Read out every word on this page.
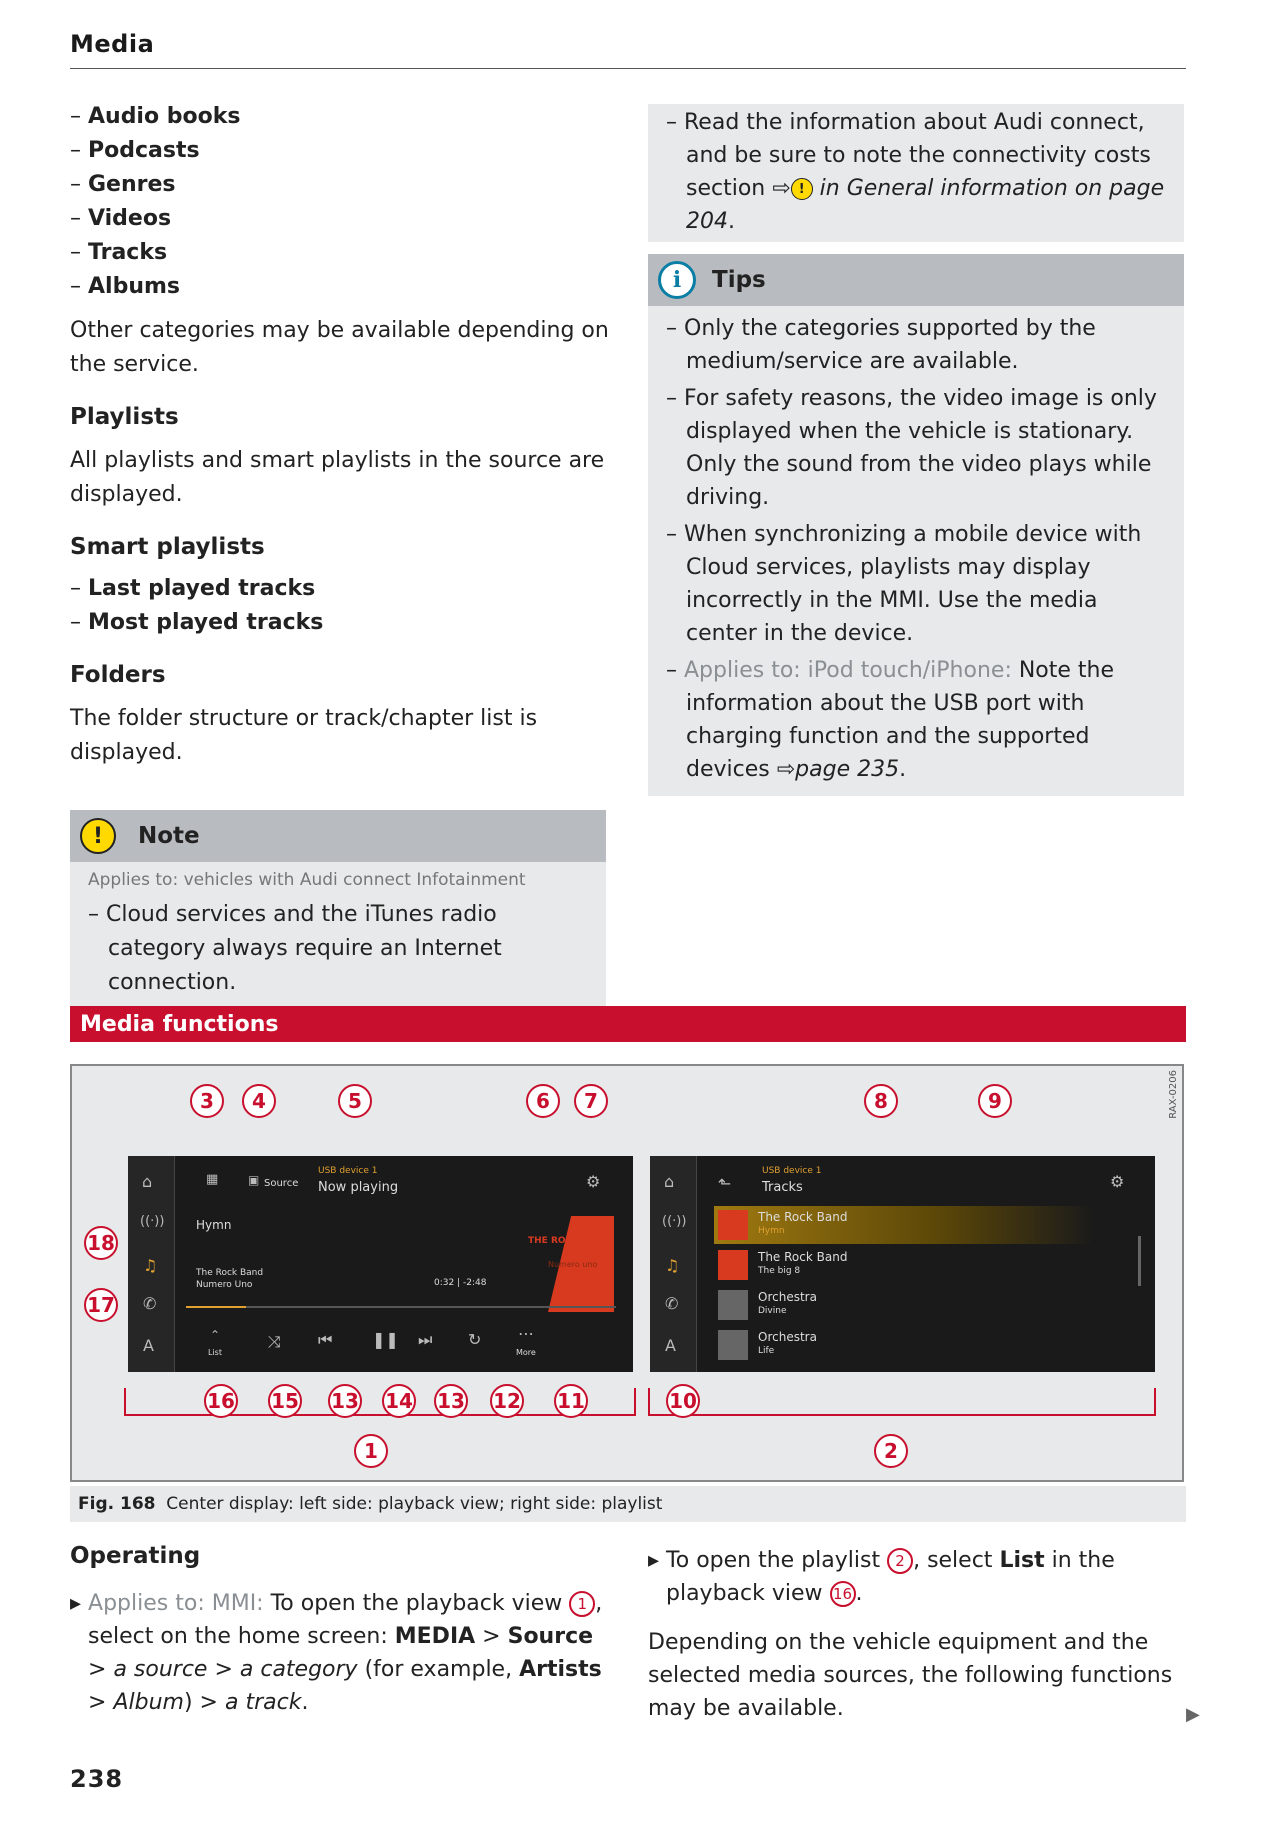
Media
– Audio books
– Podcasts
– Genres
– Videos
– Tracks
– Albums

Other categories may be available depending on the service.

Playlists

All playlists and smart playlists in the source are displayed.

Smart playlists
– Last played tracks
– Most played tracks
Folders

The folder structure or track/chapter list is displayed.

!	Note
Applies to: vehicles with Audi connect Infotainment
– Cloud services and the iTunes radio category always require an Internet connection.
– Read the information about Audi connect, and be sure to note the connectivity costs section ⇨ ! in General information on page 204.
i	Tips
– Only the categories supported by the medium/service are available.
– For safety reasons, the video image is only displayed when the vehicle is stationary. Only the sound from the video plays while driving.
– When synchronizing a mobile device with Cloud services, playlists may display incorrectly in the MMI. Use the media center in the device.
– Applies to: iPod touch/iPhone: Note the information about the USB port with charging function and the supported devices ⇨page 235.
Media functions
RAX-0206
⌂
((·))
♫
✆
A
▦ ▣ Source
USB device 1
Now playing	⚙
Hymn
The Rock Band
Numero Uno	0:32 | -2:48
THE ROCK BAND
Numero uno
⌃
List
⤨ ⏮ ❚❚ ⏭ ↻ ⋯
More
⌂
((·))
♫
✆
A
⬑
USB device 1
Tracks	⚙
The Rock Band
Hymn
The Rock Band
The big 8
Orchestra
Divine
Orchestra
Life
3	4	5	6	7	8	9
18
17
16 15 13 14 13 12 11	10
1	2
Fig. 168
Center display: left side: playback view; right side: playlist
Operating
▸ Applies to: MMI: To open the playback view 1 , select on the home screen: MEDIA > Source > a source > a category (for example, Artists > Album) > a track.
▸ To open the playlist 2 , select List in the playback view 16 .

Depending on the vehicle equipment and the selected media sources, the following functions may be available.	▶
238
